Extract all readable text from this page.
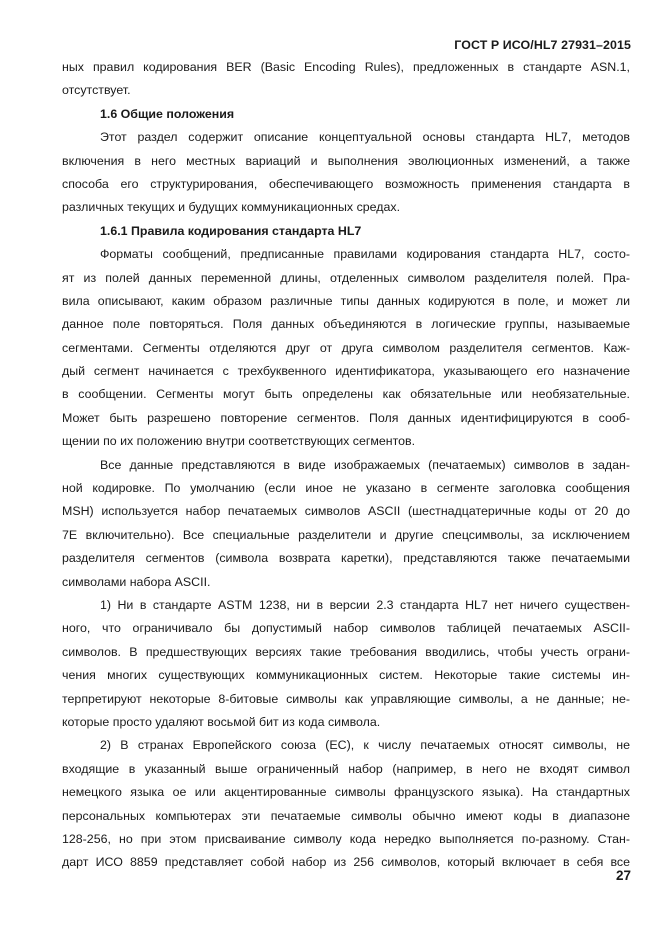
ГОСТ Р ИСО/HL7 27931–2015
ных правил кодирования BER (Basic Encoding Rules), предложенных в стандарте ASN.1,
отсутствует.
1.6 Общие положения
Этот раздел содержит описание концептуальной основы стандарта HL7, методов
включения в него местных вариаций и выполнения эволюционных изменений, а также
способа его структурирования, обеспечивающего возможность применения стандарта в
различных текущих и будущих коммуникационных средах.
1.6.1 Правила кодирования стандарта HL7
Форматы сообщений, предписанные правилами кодирования стандарта HL7, состо-
ят из полей данных переменной длины, отделенных символом разделителя полей. Пра-
вила описывают, каким образом различные типы данных кодируются в поле, и может ли
данное поле повторяться. Поля данных объединяются в логические группы, называемые
сегментами. Сегменты отделяются друг от друга символом разделителя сегментов. Каж-
дый сегмент начинается с трехбуквенного идентификатора, указывающего его назначение
в сообщении. Сегменты могут быть определены как обязательные или необязательные.
Может быть разрешено повторение сегментов. Поля данных идентифицируются в сооб-
щении по их положению внутри соответствующих сегментов.
Все данные представляются в виде изображаемых (печатаемых) символов в задан-
ной кодировке. По умолчанию (если иное не указано в сегменте заголовка сообщения
MSH) используется набор печатаемых символов ASCII (шестнадцатеричные коды от 20 до
7E включительно). Все специальные разделители и другие спецсимволы, за исключением
разделителя сегментов (символа возврата каретки), представляются также печатаемыми
символами набора ASCII.
1) Ни в стандарте ASTM 1238, ни в версии 2.3 стандарта HL7 нет ничего существен-
ного, что ограничивало бы допустимый набор символов таблицей печатаемых ASCII-
символов. В предшествующих версиях такие требования вводились, чтобы учесть ограни-
чения многих существующих коммуникационных систем. Некоторые такие системы ин-
терпретируют некоторые 8-битовые символы как управляющие символы, а не данные; не-
которые просто удаляют восьмой бит из кода символа.
2) В странах Европейского союза (ЕС), к числу печатаемых относят символы, не
входящие в указанный выше ограниченный набор (например, в него не входят символ
немецкого языка oe или акцентированные символы французского языка). На стандартных
персональных компьютерах эти печатаемые символы обычно имеют коды в диапазоне
128-256, но при этом присваивание символу кода нередко выполняется по-разному. Стан-
дарт ИСО 8859 представляет собой набор из 256 символов, который включает в себя все
27
